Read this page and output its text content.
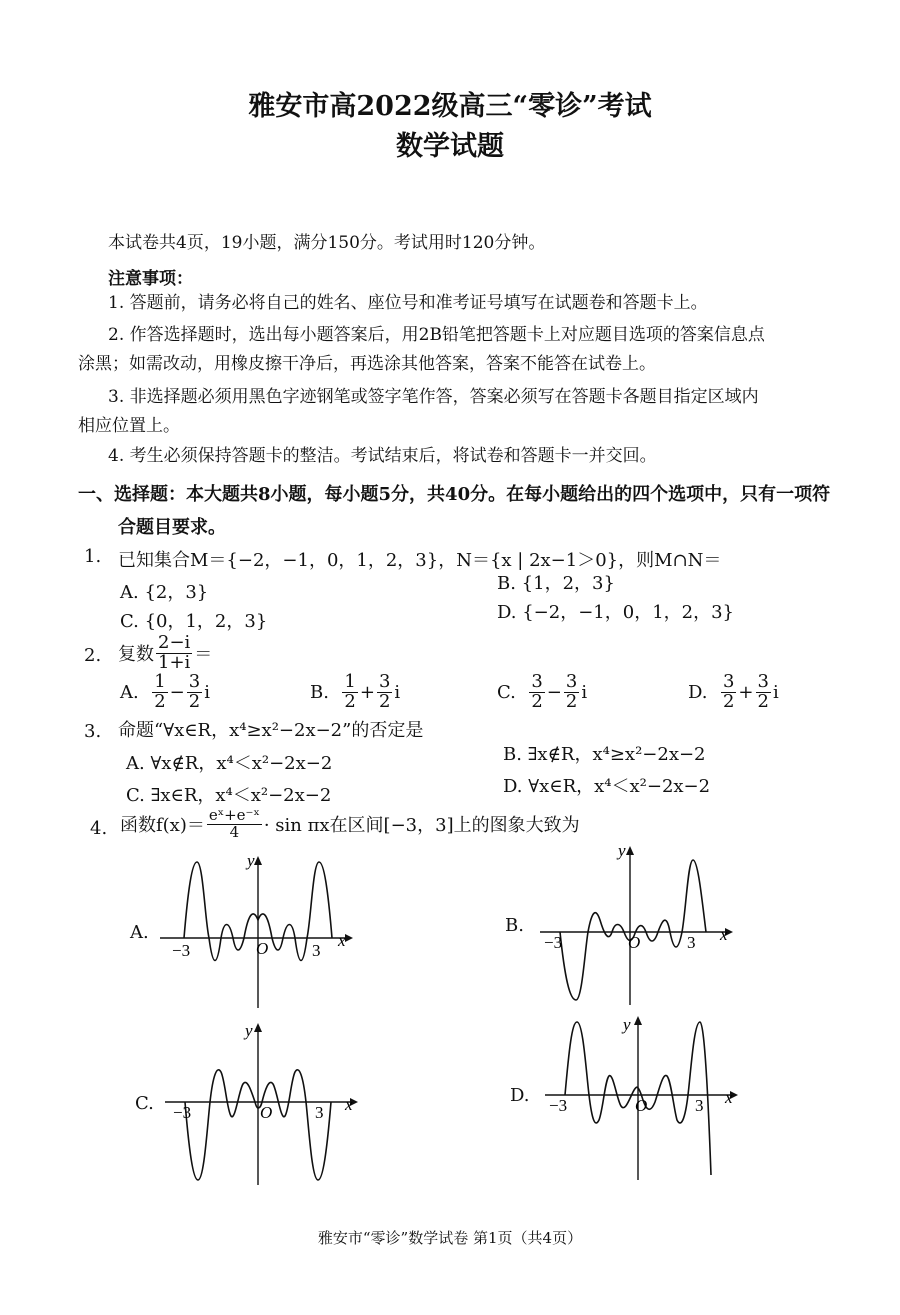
雅安市高2022级高三“零诊”考试
数学试题
本试卷共4页，19小题，满分150分。考试用时120分钟。
注意事项：
1. 答题前，请务必将自己的姓名、座位号和准考证号填写在试题卷和答题卡上。
2. 作答选择题时，选出每小题答案后，用2B铅笔把答题卡上对应题目选项的答案信息点
涂黑；如需改动，用橡皮擦干净后，再选涂其他答案，答案不能答在试卷上。
3. 非选择题必须用黑色字迹钢笔或签字笔作答，答案必须写在答题卡各题目指定区域内
相应位置上。
4. 考生必须保持答题卡的整洁。考试结束后，将试卷和答题卡一并交回。
一、选择题：本大题共8小题，每小题5分，共40分。在每小题给出的四个选项中，只有一项符
合题目要求。
1. 已知集合M＝{−2，−1，0，1，2，3}，N＝{x | 2x−1＞0}，则M∩N＝
A. {2，3}	B. {1，2，3}
C. {0，1，2，3}	D. {−2，−1，0，1，2，3}
2. 复数 $\frac{2-i}{1+i}$ ＝
A.
$\frac{1}{2} - \frac{3}{2}$ i	B.
$\frac{1}{2} + \frac{3}{2}$ i	C.
$\frac{3}{2} - \frac{3}{2}$ i	D.
$\frac{3}{2} + \frac{3}{2}$ i
3. 命题“∀x∈R，x⁴≥x²−2x−2”的否定是
A. ∀x∉R，x⁴＜x²−2x−2	B. ∃x∉R，x⁴≥x²−2x−2
C. ∃x∈R，x⁴＜x²−2x−2	D. ∀x∈R，x⁴＜x²−2x−2
4. 函数$f(x)= \frac{\text{eˣ+e⁻ˣ}}{4} \cdot \sin \pi x$在区间[−3，3]上的图象大致为
A.
y
x
O
−3	3
B.
y
x
O
−3	3
C.
y
x
O
−3	3
D.
y
x
O
−3	3
雅安市“零诊”数学试卷 第1页（共4页）
